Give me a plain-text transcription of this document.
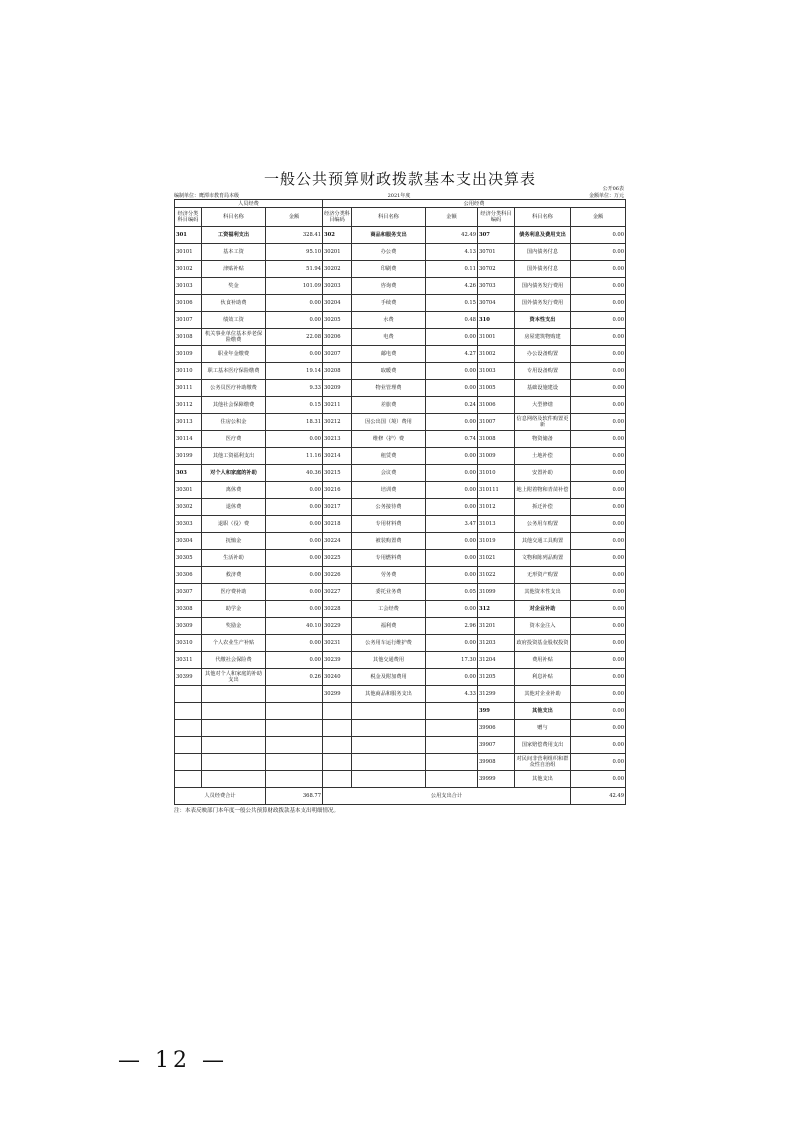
一般公共预算财政拨款基本支出决算表
公开06表
编制单位：鹰潭市教育局本级	2021年度	金额单位：万元
人员经费			公用经费					
经济分类科目编码	科目名称	金额	经济分类科目编码	科目名称	金额	经济分类科目编码	科目名称	金额
301	工资福利支出	328.41	302	商品和服务支出	42.49	307	债务利息及费用支出	0.00
30101	基本工资	95.10	30201	办公费	4.13	30701	国内债务付息	0.00
30102	津贴补贴	51.94	30202	印刷费	0.11	30702	国外债务付息	0.00
30103	奖金	101.09	30203	咨询费	4.26	30703	国内债务发行费用	0.00
30106	伙食补助费	0.00	30204	手续费	0.15	30704	国外债务发行费用	0.00
30107	绩效工资	0.00	30205	水费	0.48	310	资本性支出	0.00
30108	机关事业单位基本养老保险缴费	22.08	30206	电费	0.00	31001	房屋建筑物购建	0.00
30109	职业年金缴费	0.00	30207	邮电费	4.27	31002	办公设备购置	0.00
30110	职工基本医疗保险缴费	19.14	30208	取暖费	0.00	31003	专用设备购置	0.00
30111	公务员医疗补助缴费	9.33	30209	物业管理费	0.00	31005	基础设施建设	0.00
30112	其他社会保障缴费	0.15	30211	差旅费	0.24	31006	大型修缮	0.00
30113	住房公积金	18.31	30212	因公出国（境）费用	0.00	31007	信息网络及软件购置更新	0.00
30114	医疗费	0.00	30213	维修（护）费	0.74	31008	物资储备	0.00
30199	其他工资福利支出	11.16	30214	租赁费	0.00	31009	土地补偿	0.00
303	对个人和家庭的补助	40.36	30215	会议费	0.00	31010	安置补助	0.00
30301	离休费	0.00	30216	培训费	0.00	310111	地上附着物和青苗补偿	0.00
30302	退休费	0.00	30217	公务接待费	0.00	31012	拆迁补偿	0.00
30303	退职（役）费	0.00	30218	专用材料费	3.47	31013	公务用车购置	0.00
30304	抚恤金	0.00	30224	被装购置费	0.00	31019	其他交通工具购置	0.00
30305	生活补助	0.00	30225	专用燃料费	0.00	31021	文物和陈列品购置	0.00
30306	救济费	0.00	30226	劳务费	0.00	31022	无形资产购置	0.00
30307	医疗费补助	0.00	30227	委托业务费	0.05	31099	其他资本性支出	0.00
30308	助学金	0.00	30228	工会经费	0.00	312	对企业补助	0.00
30309	奖励金	40.10	30229	福利费	2.96	31201	资本金注入	0.00
30310	个人农业生产补贴	0.00	30231	公务用车运行维护费	0.00	31203	政府投资基金股权投资	0.00
30311	代缴社会保险费	0.00	30239	其他交通费用	17.30	31204	费用补贴	0.00
30399	其他对个人和家庭的补助支出	0.26	30240	税金及附加费用	0.00	31205	利息补贴	0.00
			30299	其他商品和服务支出	4.33	31299	其他对企业补助	0.00
						399	其他支出	0.00
						39906	赠与	0.00
						39907	国家赔偿费用支出	0.00
						39908	对民间非营利组织和群众性自治组	0.00
						39999	其他支出	0.00
人员经费合计		368.77	公用支出合计					42.49
注：本表反映部门本年度一般公共预算财政拨款基本支出明细情况。
— 12 —
